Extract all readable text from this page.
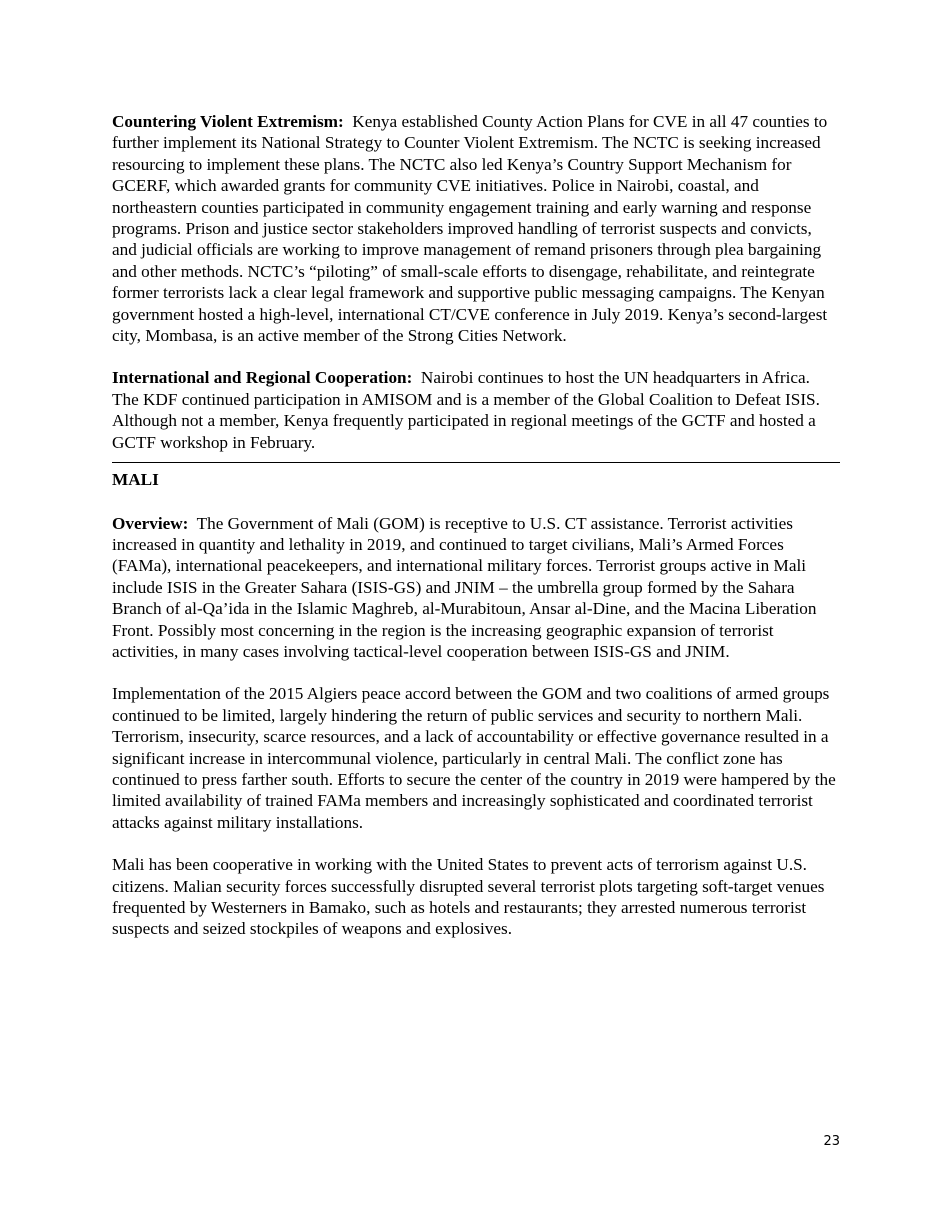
Countering Violent Extremism: Kenya established County Action Plans for CVE in all 47 counties to further implement its National Strategy to Counter Violent Extremism. The NCTC is seeking increased resourcing to implement these plans. The NCTC also led Kenya’s Country Support Mechanism for GCERF, which awarded grants for community CVE initiatives. Police in Nairobi, coastal, and northeastern counties participated in community engagement training and early warning and response programs. Prison and justice sector stakeholders improved handling of terrorist suspects and convicts, and judicial officials are working to improve management of remand prisoners through plea bargaining and other methods. NCTC’s “piloting” of small-scale efforts to disengage, rehabilitate, and reintegrate former terrorists lack a clear legal framework and supportive public messaging campaigns. The Kenyan government hosted a high-level, international CT/CVE conference in July 2019. Kenya’s second-largest city, Mombasa, is an active member of the Strong Cities Network.

International and Regional Cooperation: Nairobi continues to host the UN headquarters in Africa. The KDF continued participation in AMISOM and is a member of the Global Coalition to Defeat ISIS. Although not a member, Kenya frequently participated in regional meetings of the GCTF and hosted a GCTF workshop in February.

MALI

Overview: The Government of Mali (GOM) is receptive to U.S. CT assistance. Terrorist activities increased in quantity and lethality in 2019, and continued to target civilians, Mali’s Armed Forces (FAMa), international peacekeepers, and international military forces. Terrorist groups active in Mali include ISIS in the Greater Sahara (ISIS-GS) and JNIM – the umbrella group formed by the Sahara Branch of al-Qa’ida in the Islamic Maghreb, al-Murabitoun, Ansar al-Dine, and the Macina Liberation Front. Possibly most concerning in the region is the increasing geographic expansion of terrorist activities, in many cases involving tactical-level cooperation between ISIS-GS and JNIM.

Implementation of the 2015 Algiers peace accord between the GOM and two coalitions of armed groups continued to be limited, largely hindering the return of public services and security to northern Mali. Terrorism, insecurity, scarce resources, and a lack of accountability or effective governance resulted in a significant increase in intercommunal violence, particularly in central Mali. The conflict zone has continued to press farther south. Efforts to secure the center of the country in 2019 were hampered by the limited availability of trained FAMa members and increasingly sophisticated and coordinated terrorist attacks against military installations.

Mali has been cooperative in working with the United States to prevent acts of terrorism against U.S. citizens. Malian security forces successfully disrupted several terrorist plots targeting soft-target venues frequented by Westerners in Bamako, such as hotels and restaurants; they arrested numerous terrorist suspects and seized stockpiles of weapons and explosives.

23
